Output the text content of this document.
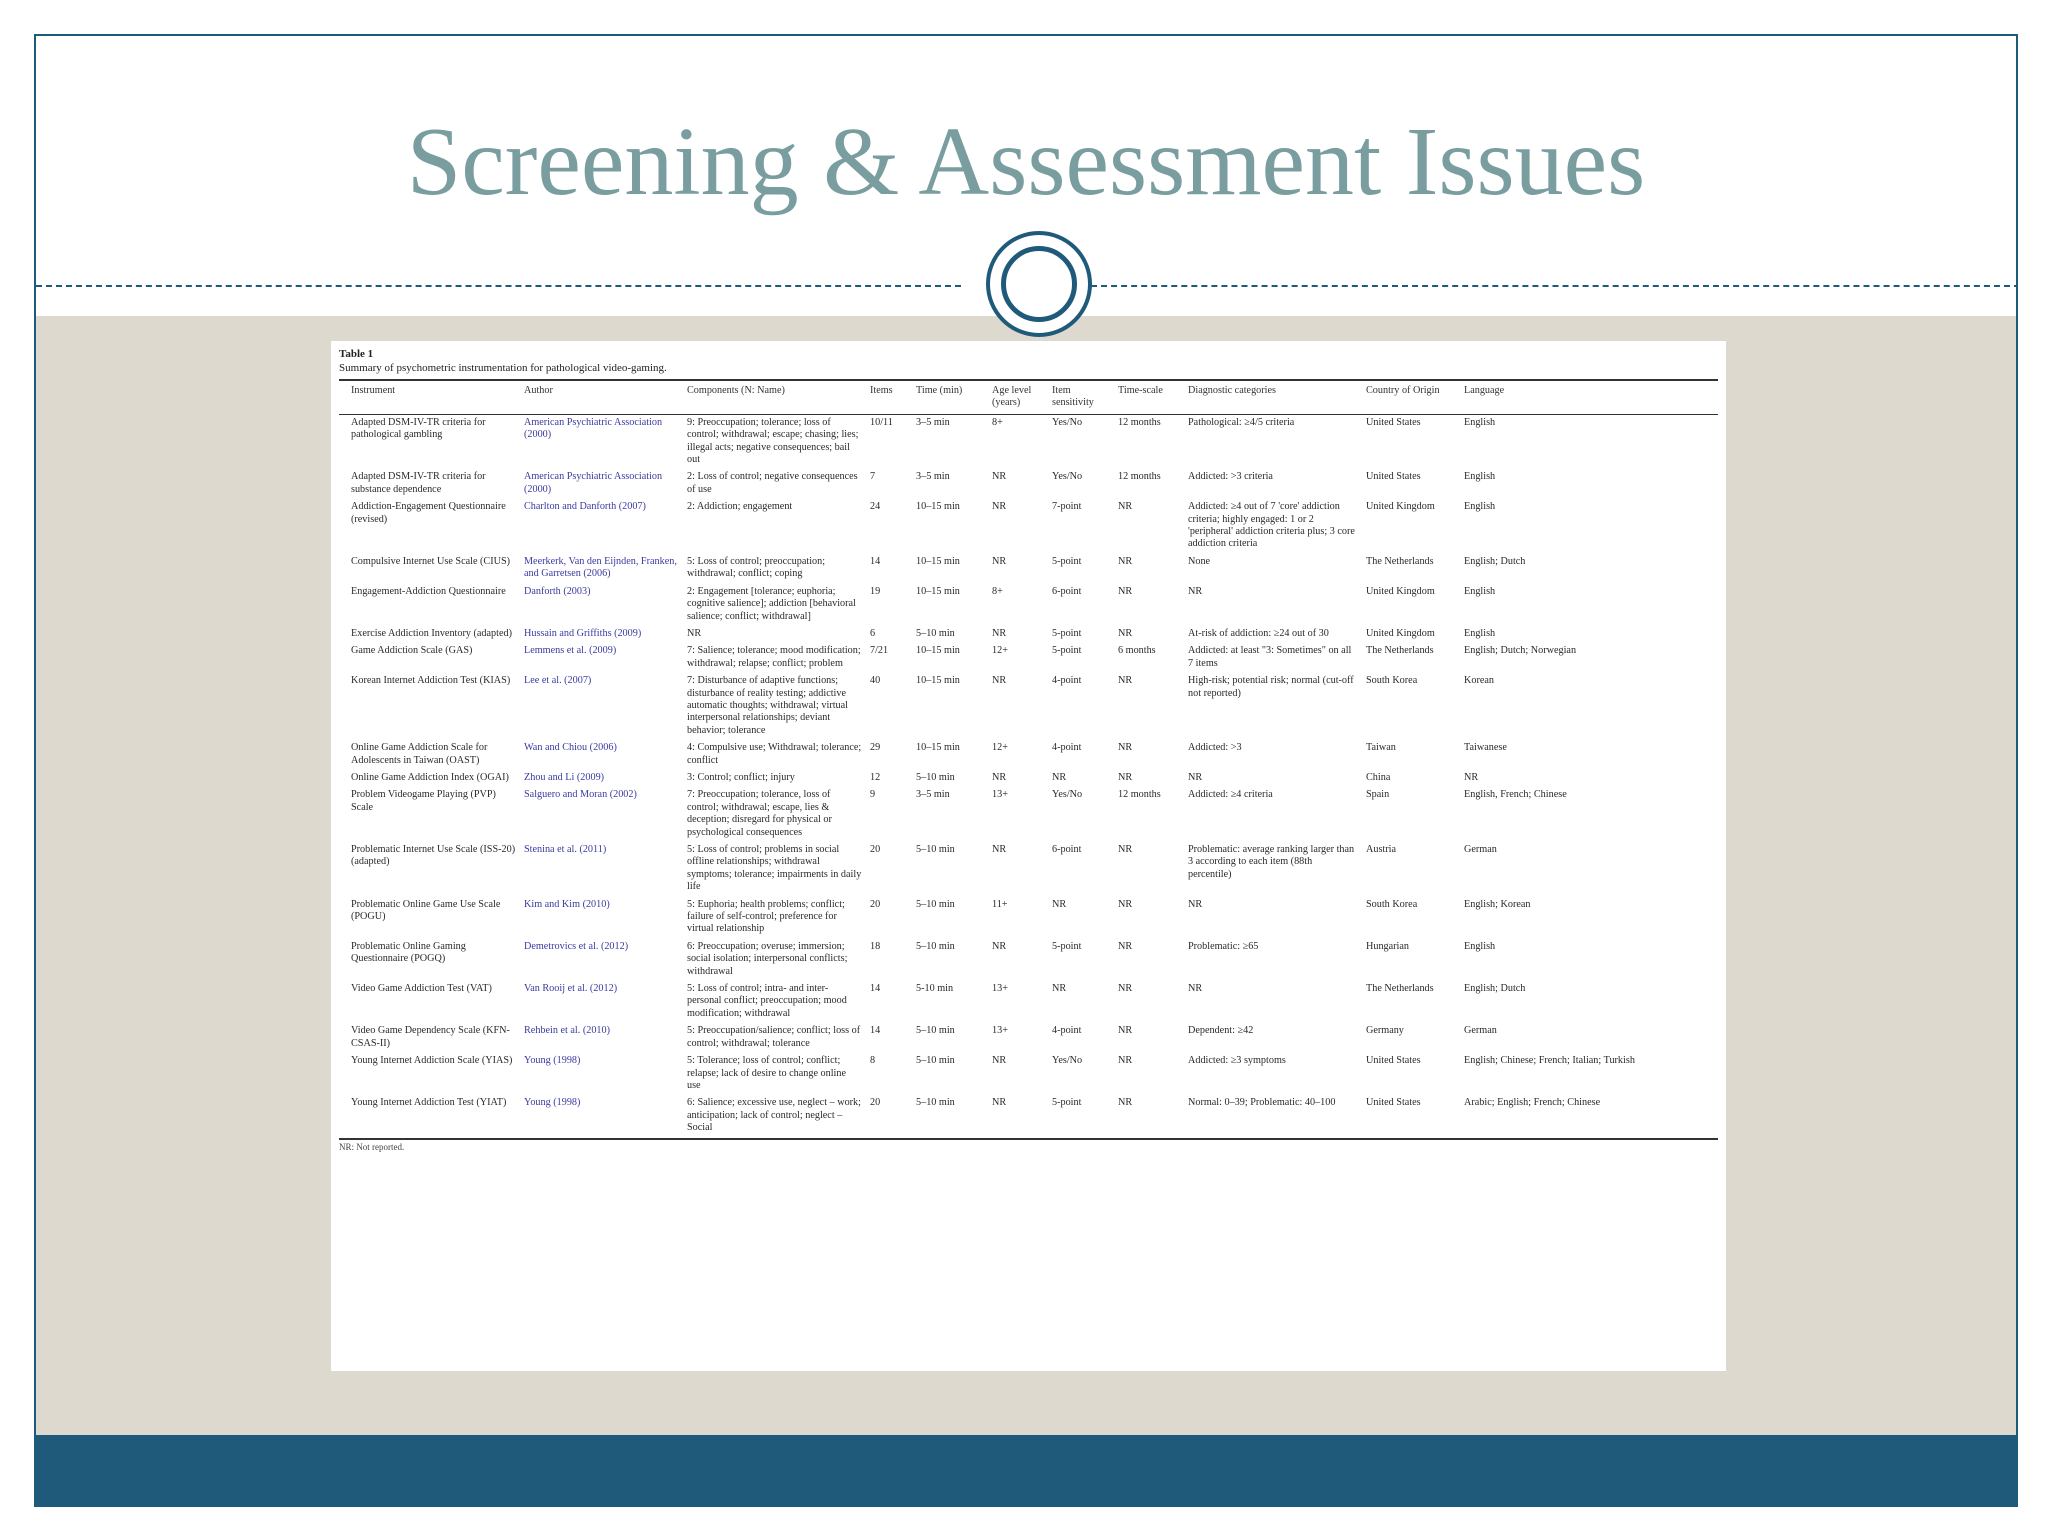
Screening & Assessment Issues

Table 1

Summary of psychometric instrumentation for pathological video-gaming.

Instrument	Author	Components (N: Name)	Items	Time (min)	Age level (years)	Item sensitivity	Time-scale	Diagnostic categories	Country of Origin	Language
Adapted DSM-IV-TR criteria for pathological gambling	American Psychiatric Association (2000)	9: Preoccupation; tolerance; loss of control; withdrawal; escape; chasing; lies; illegal acts; negative consequences; bail out	10/11	3–5 min	8+	Yes/No	12 months	Pathological: ≥4/5 criteria	United States	English
Adapted DSM-IV-TR criteria for substance dependence	American Psychiatric Association (2000)	2: Loss of control; negative consequences of use	7	3–5 min	NR	Yes/No	12 months	Addicted: >3 criteria	United States	English
Addiction-Engagement Questionnaire (revised)	Charlton and Danforth (2007)	2: Addiction; engagement	24	10–15 min	NR	7-point	NR	Addicted: ≥4 out of 7 'core' addiction criteria; highly engaged: 1 or 2 'peripheral' addiction criteria plus; 3 core addiction criteria	United Kingdom	English
Compulsive Internet Use Scale (CIUS)	Meerkerk, Van den Eijnden, Franken, and Garretsen (2006)	5: Loss of control; preoccupation; withdrawal; conflict; coping	14	10–15 min	NR	5-point	NR	None	The Netherlands	English; Dutch
Engagement-Addiction Questionnaire	Danforth (2003)	2: Engagement [tolerance; euphoria; cognitive salience]; addiction [behavioral salience; conflict; withdrawal]	19	10–15 min	8+	6-point	NR	NR	United Kingdom	English
Exercise Addiction Inventory (adapted)	Hussain and Griffiths (2009)	NR	6	5–10 min	NR	5-point	NR	At-risk of addiction: ≥24 out of 30	United Kingdom	English
Game Addiction Scale (GAS)	Lemmens et al. (2009)	7: Salience; tolerance; mood modification; withdrawal; relapse; conflict; problem	7/21	10–15 min	12+	5-point	6 months	Addicted: at least "3: Sometimes" on all 7 items	The Netherlands	English; Dutch; Norwegian
Korean Internet Addiction Test (KIAS)	Lee et al. (2007)	7: Disturbance of adaptive functions; disturbance of reality testing; addictive automatic thoughts; withdrawal; virtual interpersonal relationships; deviant behavior; tolerance	40	10–15 min	NR	4-point	NR	High-risk; potential risk; normal (cut-off not reported)	South Korea	Korean
Online Game Addiction Scale for Adolescents in Taiwan (OAST)	Wan and Chiou (2006)	4: Compulsive use; Withdrawal; tolerance; conflict	29	10–15 min	12+	4-point	NR	Addicted: >3	Taiwan	Taiwanese
Online Game Addiction Index (OGAI)	Zhou and Li (2009)	3: Control; conflict; injury	12	5–10 min	NR	NR	NR	NR	China	NR
Problem Videogame Playing (PVP) Scale	Salguero and Moran (2002)	7: Preoccupation; tolerance, loss of control; withdrawal; escape, lies & deception; disregard for physical or psychological consequences	9	3–5 min	13+	Yes/No	12 months	Addicted: ≥4 criteria	Spain	English, French; Chinese
Problematic Internet Use Scale (ISS-20) (adapted)	Stenina et al. (2011)	5: Loss of control; problems in social offline relationships; withdrawal symptoms; tolerance; impairments in daily life	20	5–10 min	NR	6-point	NR	Problematic: average ranking larger than 3 according to each item (88th percentile)	Austria	German
Problematic Online Game Use Scale (POGU)	Kim and Kim (2010)	5: Euphoria; health problems; conflict; failure of self-control; preference for virtual relationship	20	5–10 min	11+	NR	NR	NR	South Korea	English; Korean
Problematic Online Gaming Questionnaire (POGQ)	Demetrovics et al. (2012)	6: Preoccupation; overuse; immersion; social isolation; interpersonal conflicts; withdrawal	18	5–10 min	NR	5-point	NR	Problematic: ≥65	Hungarian	English
Video Game Addiction Test (VAT)	Van Rooij et al. (2012)	5: Loss of control; intra- and inter-personal conflict; preoccupation; mood modification; withdrawal	14	5-10 min	13+	NR	NR	NR	The Netherlands	English; Dutch
Video Game Dependency Scale (KFN-CSAS-II)	Rehbein et al. (2010)	5: Preoccupation/salience; conflict; loss of control; withdrawal; tolerance	14	5–10 min	13+	4-point	NR	Dependent: ≥42	Germany	German
Young Internet Addiction Scale (YIAS)	Young (1998)	5: Tolerance; loss of control; conflict; relapse; lack of desire to change online use	8	5–10 min	NR	Yes/No	NR	Addicted: ≥3 symptoms	United States	English; Chinese; French; Italian; Turkish
Young Internet Addiction Test (YIAT)	Young (1998)	6: Salience; excessive use, neglect – work; anticipation; lack of control; neglect – Social	20	5–10 min	NR	5-point	NR	Normal: 0–39; Problematic: 40–100	United States	Arabic; English; French; Chinese
NR: Not reported.
